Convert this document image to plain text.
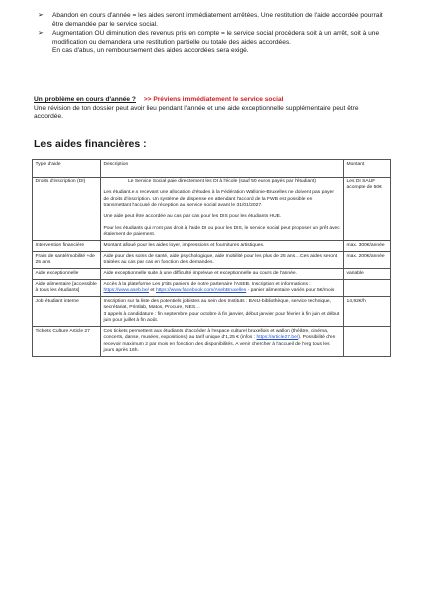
➢	Abandon en cours d'année = les aides seront immédiatement arrêtées. Une restitution de l'aide accordée pourrait être demandée par le service social.
➢	Augmentation OU diminution des revenus pris en compte = le service social procèdera soit à un arrêt, soit à une modification ou demandera une restitution partielle ou totale des aides accordées.
En cas d'abus, un remboursement des aides accordées sera exigé.
Un problème en cours d'année ? >> Préviens immédiatement le service social
Une révision de ton dossier peut avoir lieu pendant l'année et une aide exceptionnelle supplémentaire peut être accordée.
Les aides financières :
Type d'aide	Description	Montant
Droits d'inscription (DI)	Le Service Social paie directement les DI à l'école (sauf 50 euros payés par l'étudiant)
Les étudiant.e.s recevant une allocation d'études à la Fédération Wallonie-Bruxelles ne doivent pas payer de droits d'inscription. Un système de dispense en attendant l'accord de la FWB est possible en transmettant l'accusé de réception au service social avant le 31/01/2027.
Une aide peut être accordée au cas par cas pour les DIS pour les étudiants HUE.
Pour les étudiants qui n'ont pas droit à l'aide DI ou pour les DIS, le service social peut proposer un prêt avec étalement de paiement.	Les DI SAUF acompte de 50€
Intervention financière	Montant alloué pour les aides loyer, impressions et fournitures artistiques.	max. 300€/année
Frais de santé/mobilité +de 25 ans	Aide pour des soins de santé, aide psychologique, aide mobilité pour les plus de 25 ans…Ces aides seront traitées au cas par cas en fonction des demandes.	max. 200€/année
Aide exceptionnelle	Aide exceptionnelle suite à une difficulté imprévue et exceptionnelle au cours de l'année.	variable
Aide alimentaire [accessible à tous les étudiants]	Accès à la plateforme Les p'tits paniers de notre partenaire l'ASEB. Inscription et informations :
https://www.aseb.be/ et https://www.facebook.com/AsebBruxelles - panier alimentaire variés pour 5€/mois	

Job étudiant interne	Inscription sur la liste des potentiels jobistes au sein des Instituts : BAIU-bibliothèque, service technique, secrétariat, Printlab, Matos, Procure, NES…
3 appels à candidature : fin septembre pour octobre à fin janvier, début janvier pour février à fin juin et début juin pour juillet à fin août.	14,92€/h
Tickets Culture Article 27	Ces tickets permettent aux étudiants d'accéder à l'espace culturel bruxellois et wallon (théâtre, cinéma, concerts, danse, musées, expositions) au tarif unique d'1,25 € (infos : https://article27.be/). Possibilité d'en recevoir maximum 2 par mois en fonction des disponibilités. A venir chercher à l'accueil de l'erg tous les jours après 16h.	
